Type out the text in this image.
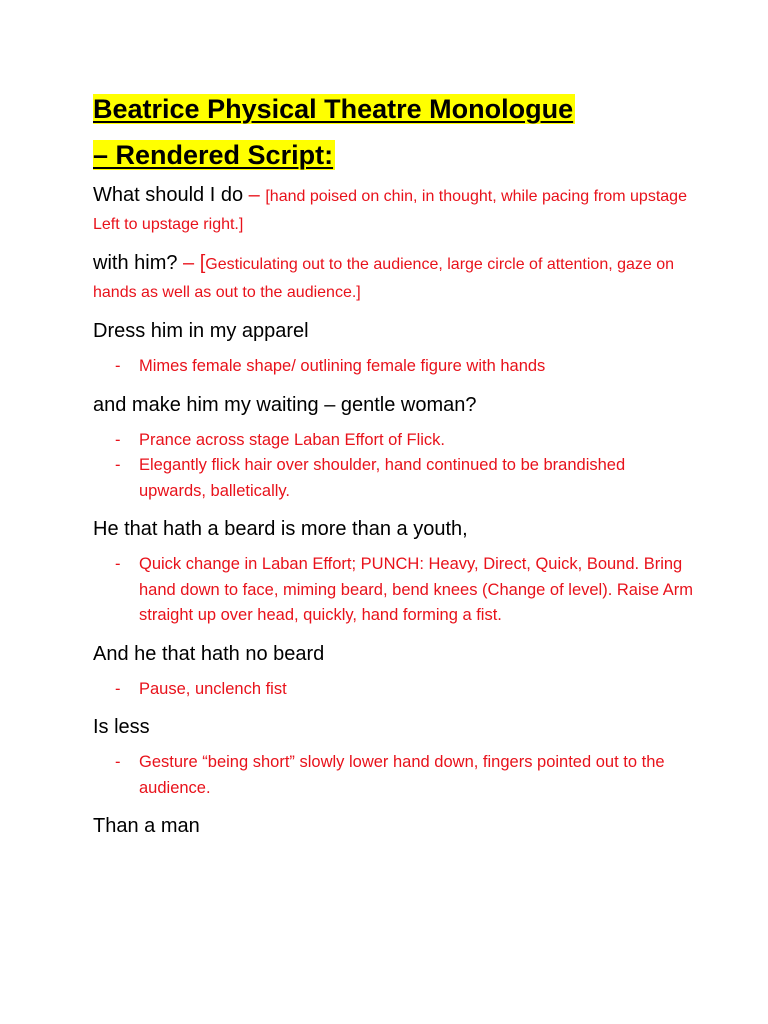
Beatrice Physical Theatre Monologue
– Rendered Script:
What should I do – [hand poised on chin, in thought, while pacing from upstage Left to upstage right.]
with him? – [Gesticulating out to the audience, large circle of attention, gaze on hands as well as out to the audience.]

Dress him in my apparel

- Mimes female shape/ outlining female figure with hands

and make him my waiting – gentle woman?

- Prance across stage Laban Effort of Flick.
- Elegantly flick hair over shoulder, hand continued to be brandished upwards, balletically.

He that hath a beard is more than a youth,

- Quick change in Laban Effort; PUNCH: Heavy, Direct, Quick, Bound. Bring hand down to face, miming beard, bend knees (Change of level). Raise Arm straight up over head, quickly, hand forming a fist.

And he that hath no beard

- Pause, unclench fist

Is less

- Gesture “being short” slowly lower hand down, fingers pointed out to the audience.

Than a man
